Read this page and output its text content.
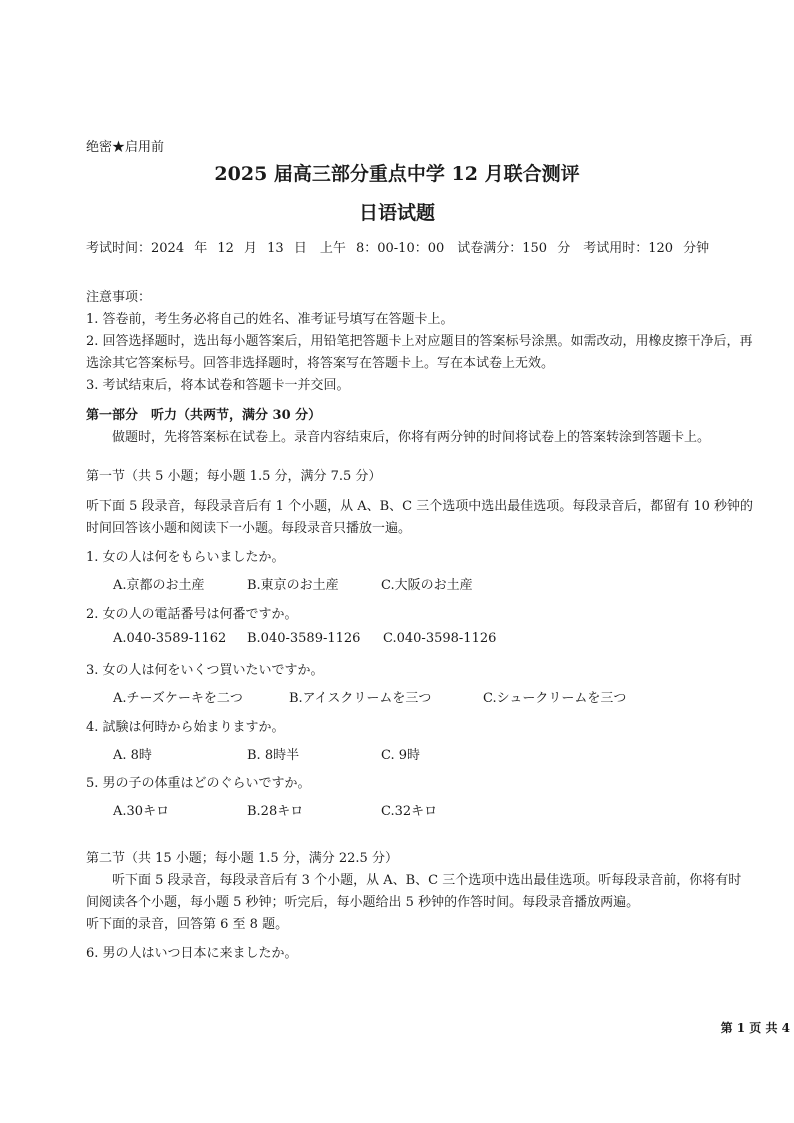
绝密★启用前
2025 届高三部分重点中学 12 月联合测评
日语试题
考试时间：2024 年 12 月 13 日　上午 8：00-10：00　试卷满分：150 分　考试用时：120 分钟

注意事项：

1. 答卷前，考生务必将自己的姓名、准考证号填写在答题卡上。

2. 回答选择题时，选出每小题答案后，用铅笔把答题卡上对应题目的答案标号涂黑。如需改动，用橡皮擦干净后，再选涂其它答案标号。回答非选择题时，将答案写在答题卡上。写在本试卷上无效。

3. 考试结束后，将本试卷和答题卡一并交回。

第一部分　听力（共两节，满分 30 分）

做题时，先将答案标在试卷上。录音内容结束后，你将有两分钟的时间将试卷上的答案转涂到答题卡上。

第一节（共 5 小题；每小题 1.5 分，满分 7.5 分）

听下面 5 段录音，每段录音后有 1 个小题，从 A、B、C 三个选项中选出最佳选项。每段录音后，都留有 10 秒钟的时间回答该小题和阅读下一小题。每段录音只播放一遍。

1. 女の人は何をもらいましたか。
A.京都のお土産	B.東京のお土産	C.大阪のお土産
2. 女の人の電話番号は何番ですか。
A.040-3589-1162 B.040-3589-1126 C.040-3598-1126
3. 女の人は何をいくつ買いたいですか。
A.チーズケーキを二つ	B.アイスクリームを三つ	C.シュークリームを三つ
4. 試験は何時から始まりますか。
A. 8時	B. 8時半	C. 9時
5. 男の子の体重はどのぐらいですか。
A.30キロ	B.28キロ	C.32キロ

第二节（共 15 小题；每小题 1.5 分，满分 22.5 分）

听下面 5 段录音，每段录音后有 3 个小题，从 A、B、C 三个选项中选出最佳选项。听每段录音前，你将有时间阅读各个小题，每小题 5 秒钟；听完后，每小题给出 5 秒钟的作答时间。每段录音播放两遍。

听下面的录音，回答第 6 至 8 题。

6. 男の人はいつ日本に来ましたか。
第 1 页 共 4
